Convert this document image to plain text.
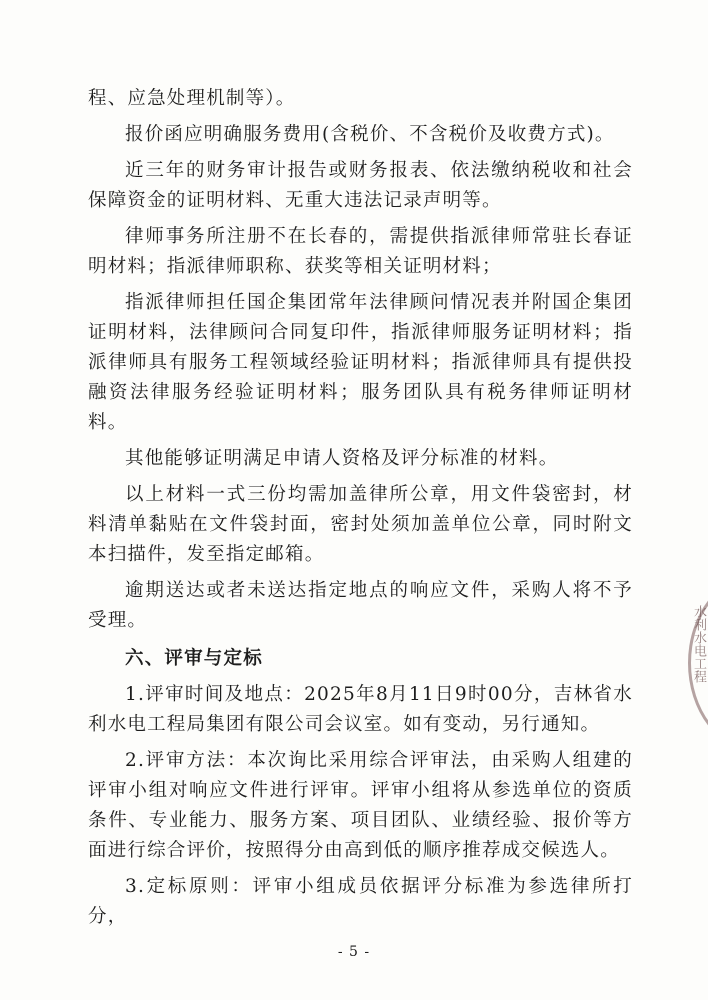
程、应急处理机制等）。

报价函应明确服务费用(含税价、不含税价及收费方式)。

近三年的财务审计报告或财务报表、依法缴纳税收和社会保障资金的证明材料、无重大违法记录声明等。

律师事务所注册不在长春的，需提供指派律师常驻长春证明材料；指派律师职称、获奖等相关证明材料；

指派律师担任国企集团常年法律顾问情况表并附国企集团证明材料，法律顾问合同复印件，指派律师服务证明材料；指派律师具有服务工程领域经验证明材料；指派律师具有提供投融资法律服务经验证明材料；服务团队具有税务律师证明材料。

其他能够证明满足申请人资格及评分标准的材料。

以上材料一式三份均需加盖律所公章，用文件袋密封，材料清单黏贴在文件袋封面，密封处须加盖单位公章，同时附文本扫描件，发至指定邮箱。

逾期送达或者未送达指定地点的响应文件，采购人将不予受理。

六、评审与定标

1.评审时间及地点：2025年8月11日9时00分，吉林省水利水电工程局集团有限公司会议室。如有变动，另行通知。

2.评审方法：本次询比采用综合评审法，由采购人组建的评审小组对响应文件进行评审。评审小组将从参选单位的资质条件、专业能力、服务方案、项目团队、业绩经验、报价等方面进行综合评价，按照得分由高到低的顺序推荐成交候选人。

3.定标原则：评审小组成员依据评分标准为参选律所打分，

- 5 -
水利水电工程
